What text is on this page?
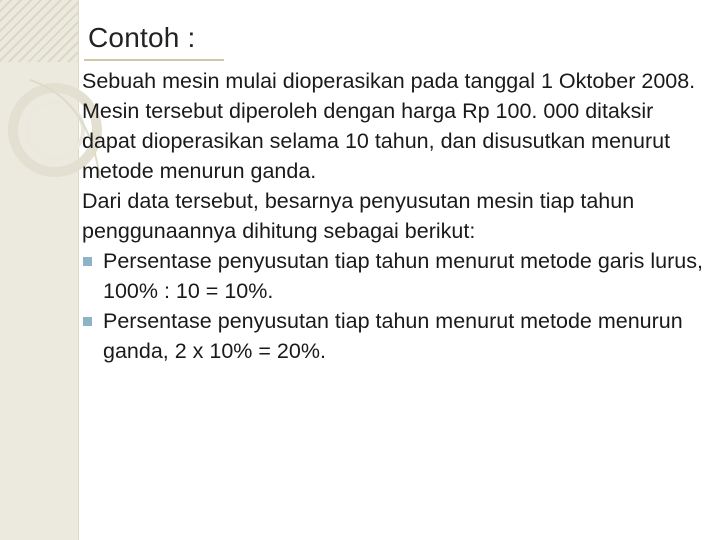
Contoh :

Sebuah mesin mulai dioperasikan pada tanggal 1 Oktober 2008. Mesin tersebut diperoleh dengan harga Rp 100. 000 ditaksir dapat dioperasikan selama 10 tahun, dan disusutkan menurut metode menurun ganda.

Dari data tersebut, besarnya penyusutan mesin tiap tahun penggunaannya dihitung sebagai berikut:

Persentase penyusutan tiap tahun menurut metode garis lurus, 100% : 10 = 10%.
Persentase penyusutan tiap tahun menurut metode menurun ganda, 2 x 10% = 20%.
